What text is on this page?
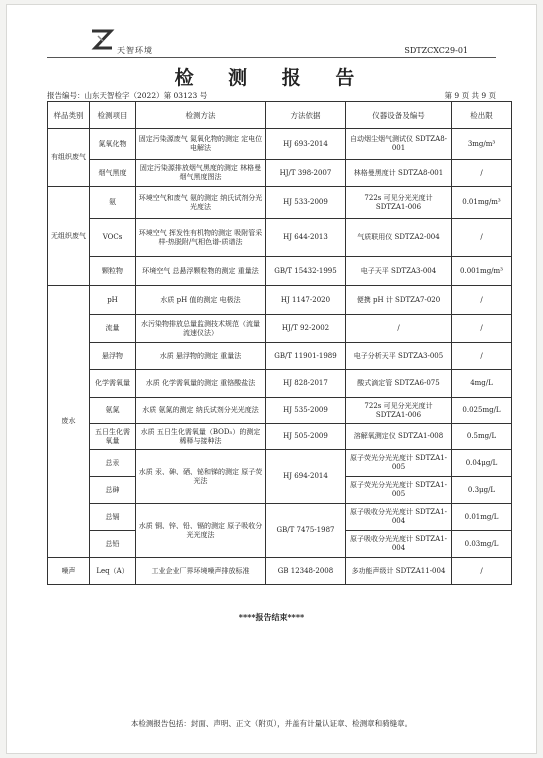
天智环境	SDTZCXC29-01
检 测 报 告
报告编号：山东天智检字（2022）第 03123 号	第 9 页 共 9 页
样品类别	检测项目	检测方法	方法依据	仪器设备及编号	检出限
有组织废气	氮氧化物	固定污染源废气 氮氧化物的测定 定电位电解法	HJ 693-2014	自动烟尘烟气测试仪 SDTZA8-001	3mg/m³
	烟气黑度	固定污染源排放烟气黑度的测定 林格曼烟气黑度图法	HJ/T 398-2007	林格曼黑度计 SDTZA8-001	/
无组织废气	氨	环境空气和废气 氨的测定 纳氏试剂分光光度法	HJ 533-2009	722s 可见分光光度计 SDTZA1-006	0.01mg/m³
	VOCs	环境空气 挥发性有机物的测定 吸附管采样-热脱附/气相色谱-质谱法	HJ 644-2013	气质联用仪 SDTZA2-004	/
	颗粒物	环境空气 总悬浮颗粒物的测定 重量法	GB/T 15432-1995	电子天平 SDTZA3-004	0.001mg/m³
废水	pH	水质 pH 值的测定 电极法	HJ 1147-2020	便携 pH 计 SDTZA7-020	/
	流量	水污染物排放总量监测技术规范（流量 流速仪法）	HJ/T 92-2002	/	/
	悬浮物	水质 悬浮物的测定 重量法	GB/T 11901-1989	电子分析天平 SDTZA3-005	/
	化学需氧量	水质 化学需氧量的测定 重铬酸盐法	HJ 828-2017	酸式滴定管 SDTZA6-075	4mg/L
	氨氮	水质 氨氮的测定 纳氏试剂分光光度法	HJ 535-2009	722s 可见分光光度计 SDTZA1-006	0.025mg/L
	五日生化需氧量	水质 五日生化需氧量（BOD₅）的测定 稀释与接种法	HJ 505-2009	溶解氧测定仪 SDTZA1-008	0.5mg/L
	总汞	水质 汞、砷、硒、铋和锑的测定 原子荧光法	HJ 694-2014	原子荧光分光光度计 SDTZA1-005	0.04μg/L
	总砷			原子荧光分光光度计 SDTZA1-005	0.3μg/L
	总镉	水质 铜、锌、铅、镉的测定 原子吸收分光光度法	GB/T 7475-1987	原子吸收分光光度计 SDTZA1-004	0.01mg/L
	总铅			原子吸收分光光度计 SDTZA1-004	0.03mg/L
噪声	Leq（A）	工业企业厂界环境噪声排放标准	GB 12348-2008	多功能声级计 SDTZA11-004	/
****报告结束****
本检测报告包括：封面、声明、正文（附页），并盖有计量认证章、检测章和骑缝章。
